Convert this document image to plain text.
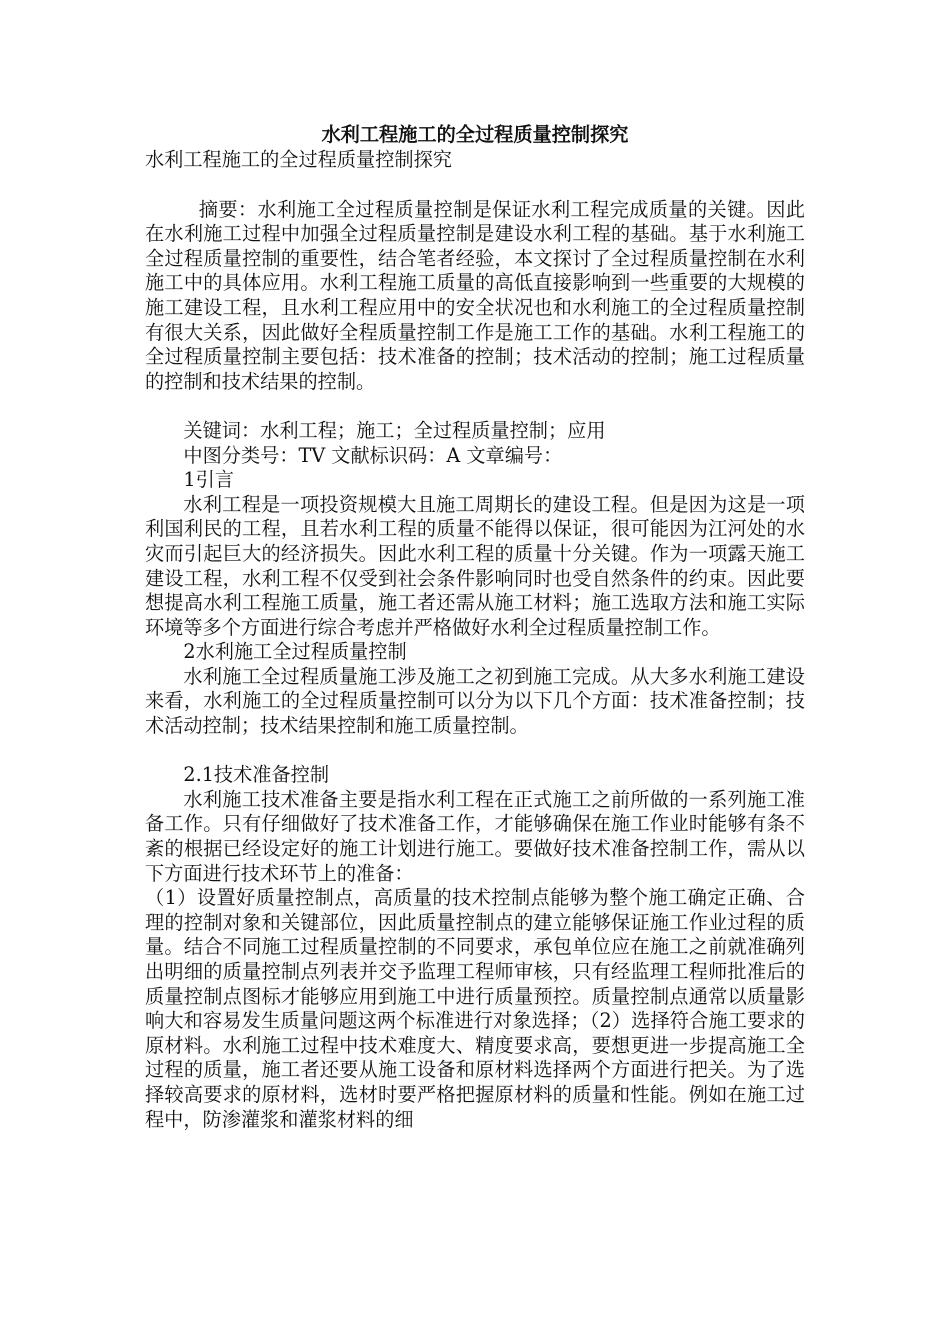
水利工程施工的全过程质量控制探究
水利工程施工的全过程质量控制探究

摘要：水利施工全过程质量控制是保证水利工程完成质量的关键。因此在水利施工过程中加强全过程质量控制是建设水利工程的基础。基于水利施工全过程质量控制的重要性，结合笔者经验，本文探讨了全过程质量控制在水利施工中的具体应用。水利工程施工质量的高低直接影响到一些重要的大规模的施工建设工程，且水利工程应用中的安全状况也和水利施工的全过程质量控制有很大关系，因此做好全程质量控制工作是施工工作的基础。水利工程施工的全过程质量控制主要包括：技术准备的控制；技术活动的控制；施工过程质量的控制和技术结果的控制。

关键词：水利工程；施工；全过程质量控制；应用

中图分类号：TV 文献标识码：A 文章编号：

1引言

水利工程是一项投资规模大且施工周期长的建设工程。但是因为这是一项利国利民的工程，且若水利工程的质量不能得以保证，很可能因为江河处的水灾而引起巨大的经济损失。因此水利工程的质量十分关键。作为一项露天施工建设工程，水利工程不仅受到社会条件影响同时也受自然条件的约束。因此要想提高水利工程施工质量，施工者还需从施工材料；施工选取方法和施工实际环境等多个方面进行综合考虑并严格做好水利全过程质量控制工作。

2水利施工全过程质量控制

水利施工全过程质量施工涉及施工之初到施工完成。从大多水利施工建设来看，水利施工的全过程质量控制可以分为以下几个方面：技术准备控制；技术活动控制；技术结果控制和施工质量控制。

2.1技术准备控制

水利施工技术准备主要是指水利工程在正式施工之前所做的一系列施工准备工作。只有仔细做好了技术准备工作，才能够确保在施工作业时能够有条不紊的根据已经设定好的施工计划进行施工。要做好技术准备控制工作，需从以下方面进行技术环节上的准备：

（1）设置好质量控制点，高质量的技术控制点能够为整个施工确定正确、合理的控制对象和关键部位，因此质量控制点的建立能够保证施工作业过程的质量。结合不同施工过程质量控制的不同要求，承包单位应在施工之前就准确列出明细的质量控制点列表并交予监理工程师审核，只有经监理工程师批准后的质量控制点图标才能够应用到施工中进行质量预控。质量控制点通常以质量影响大和容易发生质量问题这两个标准进行对象选择；（2）选择符合施工要求的原材料。水利施工过程中技术难度大、精度要求高，要想更进一步提高施工全过程的质量，施工者还要从施工设备和原材料选择两个方面进行把关。为了选择较高要求的原材料，选材时要严格把握原材料的质量和性能。例如在施工过程中，防渗灌浆和灌浆材料的细
